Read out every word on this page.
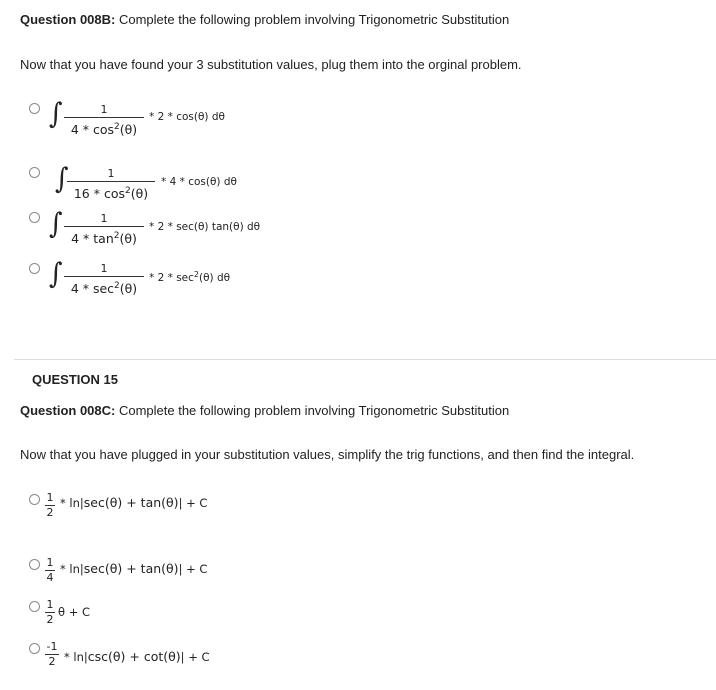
Question 008B: Complete the following problem involving Trigonometric Substitution
Now that you have found your 3 substitution values, plug them into the orginal problem.
∫	1
$4 * \cos^2(\theta)$
* 2 * cos(θ) dθ
∫	1
$16 * \cos^2(\theta)$
* 4 * cos(θ) dθ
∫	1
$4 * \tan^2(\theta)$
* 2 * sec(θ) tan(θ) dθ
∫	1
$4 * \sec^2(\theta)$
* $2 * \sec^2(\theta)$ dθ
QUESTION 15
Question 008C: Complete the following problem involving Trigonometric Substitution
Now that you have plugged in your substitution values, simplify the trig functions, and then find the integral.
1
2
* ln|sec(θ) + tan(θ)| + C
1
4
* ln|sec(θ) + tan(θ)| + C
1
2
θ + C
-1
2 * ln|csc(θ) + cot(θ)| + C
